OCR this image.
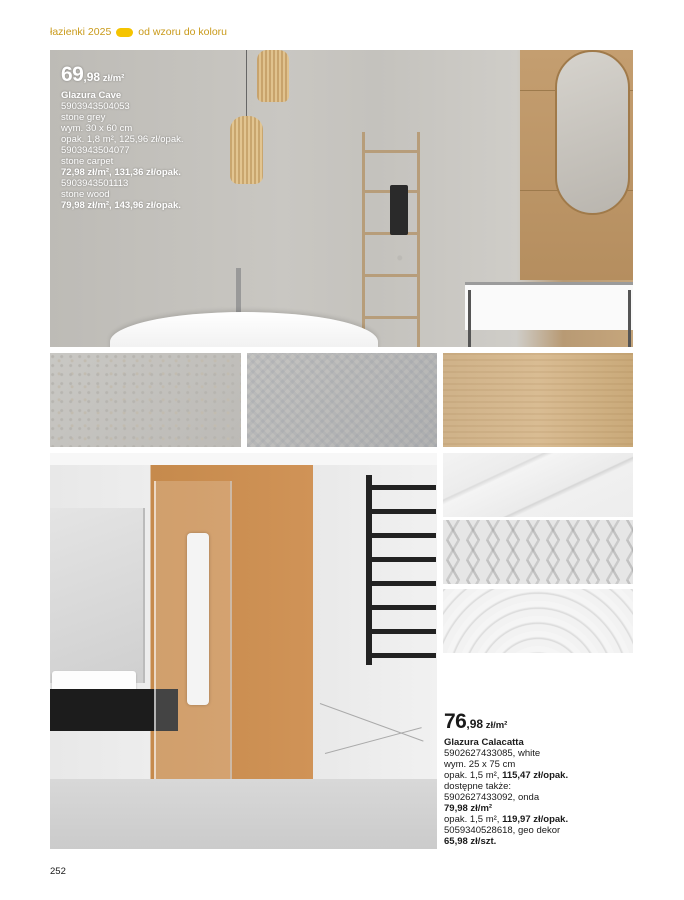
łazienki 2025	od wzoru do koloru
69,98 zł/m²
Glazura Cave
5903943504053
stone grey
wym. 30 x 60 cm
opak. 1,8 m², 125,96 zł/opak.
5903943504077
stone carpet
72,98 zł/m², 131,36 zł/opak.
5903943501113
stone wood
79,98 zł/m², 143,96 zł/opak.
76,98 zł/m²
Glazura Calacatta
5902627433085, white
wym. 25 x 75 cm
opak. 1,5 m², 115,47 zł/opak.
dostępne także:
5902627433092, onda
79,98 zł/m²
opak. 1,5 m², 119,97 zł/opak.
5059340528618, geo dekor
65,98 zł/szt.
252
